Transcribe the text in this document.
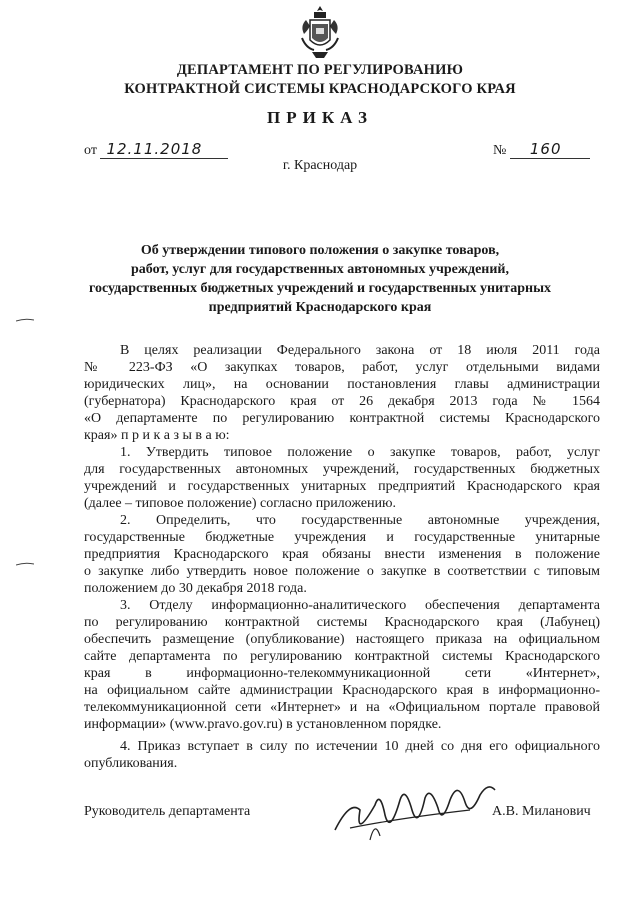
ДЕПАРТАМЕНТ ПО РЕГУЛИРОВАНИЮ
КОНТРАКТНОЙ СИСТЕМЫ КРАСНОДАРСКОГО КРАЯ
ПРИКАЗ
от 12.11.2018	№ 160
г. Краснодар
Об утверждении типового положения о закупке товаров,
работ, услуг для государственных автономных учреждений,
государственных бюджетных учреждений и государственных унитарных
предприятий Краснодарского края
В целях реализации Федерального закона от 18 июля 2011 года
№ 223-ФЗ «О закупках товаров, работ, услуг отдельными видами
юридических лиц», на основании постановления главы администрации
(губернатора) Краснодарского края от 26 декабря 2013 года № 1564
«О департаменте по регулированию контрактной системы Краснодарского
края» п р и к а з ы в а ю:
1. Утвердить типовое положение о закупке товаров, работ, услуг
для государственных автономных учреждений, государственных бюджетных
учреждений и государственных унитарных предприятий Краснодарского края
(далее – типовое положение) согласно приложению.
2. Определить, что государственные автономные учреждения,
государственные бюджетные учреждения и государственные унитарные
предприятия Краснодарского края обязаны внести изменения в положение
о закупке либо утвердить новое положение о закупке в соответствии с типовым
положением до 30 декабря 2018 года.
3. Отделу информационно-аналитического обеспечения департамента
по регулированию контрактной системы Краснодарского края (Лабунец)
обеспечить размещение (опубликование) настоящего приказа на официальном
сайте департамента по регулированию контрактной системы Краснодарского
края в информационно-телекоммуникационной сети «Интернет»,
на официальном сайте администрации Краснодарского края в информационно-
телекоммуникационной сети «Интернет» и на «Официальном портале правовой
информации» (www.pravo.gov.ru) в установленном порядке.
4. Приказ вступает в силу по истечении 10 дней со дня его официального
опубликования.
Руководитель департамента	А.В. Миланович
